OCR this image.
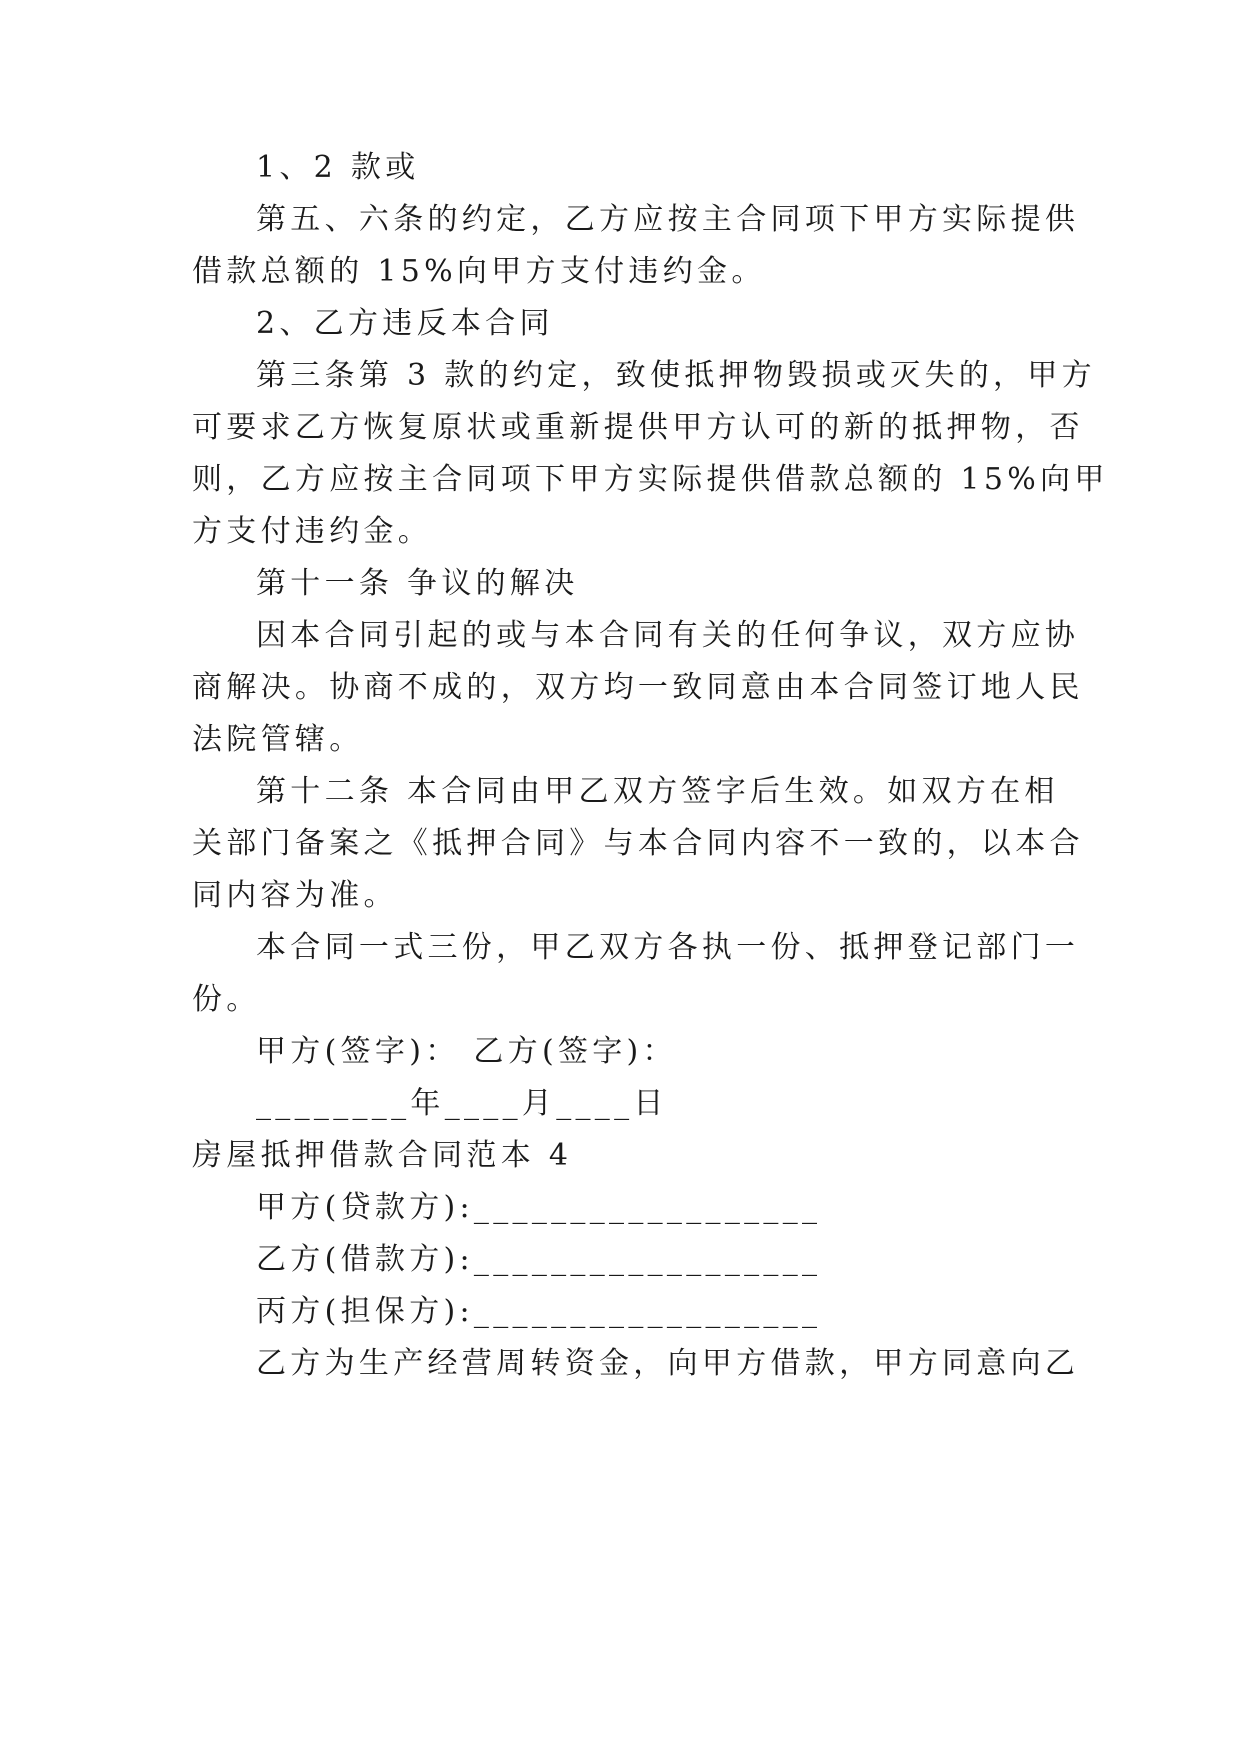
1、2 款或
第五、六条的约定，乙方应按主合同项下甲方实际提供
借款总额的 15%向甲方支付违约金。
2、乙方违反本合同
第三条第 3 款的约定，致使抵押物毁损或灭失的，甲方
可要求乙方恢复原状或重新提供甲方认可的新的抵押物，否
则，乙方应按主合同项下甲方实际提供借款总额的 15%向甲
方支付违约金。
第十一条 争议的解决
因本合同引起的或与本合同有关的任何争议，双方应协
商解决。协商不成的，双方均一致同意由本合同签订地人民
法院管辖。
第十二条 本合同由甲乙双方签字后生效。如双方在相
关部门备案之《抵押合同》与本合同内容不一致的，以本合
同内容为准。
本合同一式三份，甲乙双方各执一份、抵押登记部门一
份。
甲方(签字)： 乙方(签字)：
________年____月____日
房屋抵押借款合同范本 4
甲方(贷款方):__________________
乙方(借款方):__________________
丙方(担保方):__________________
乙方为生产经营周转资金，向甲方借款，甲方同意向乙
